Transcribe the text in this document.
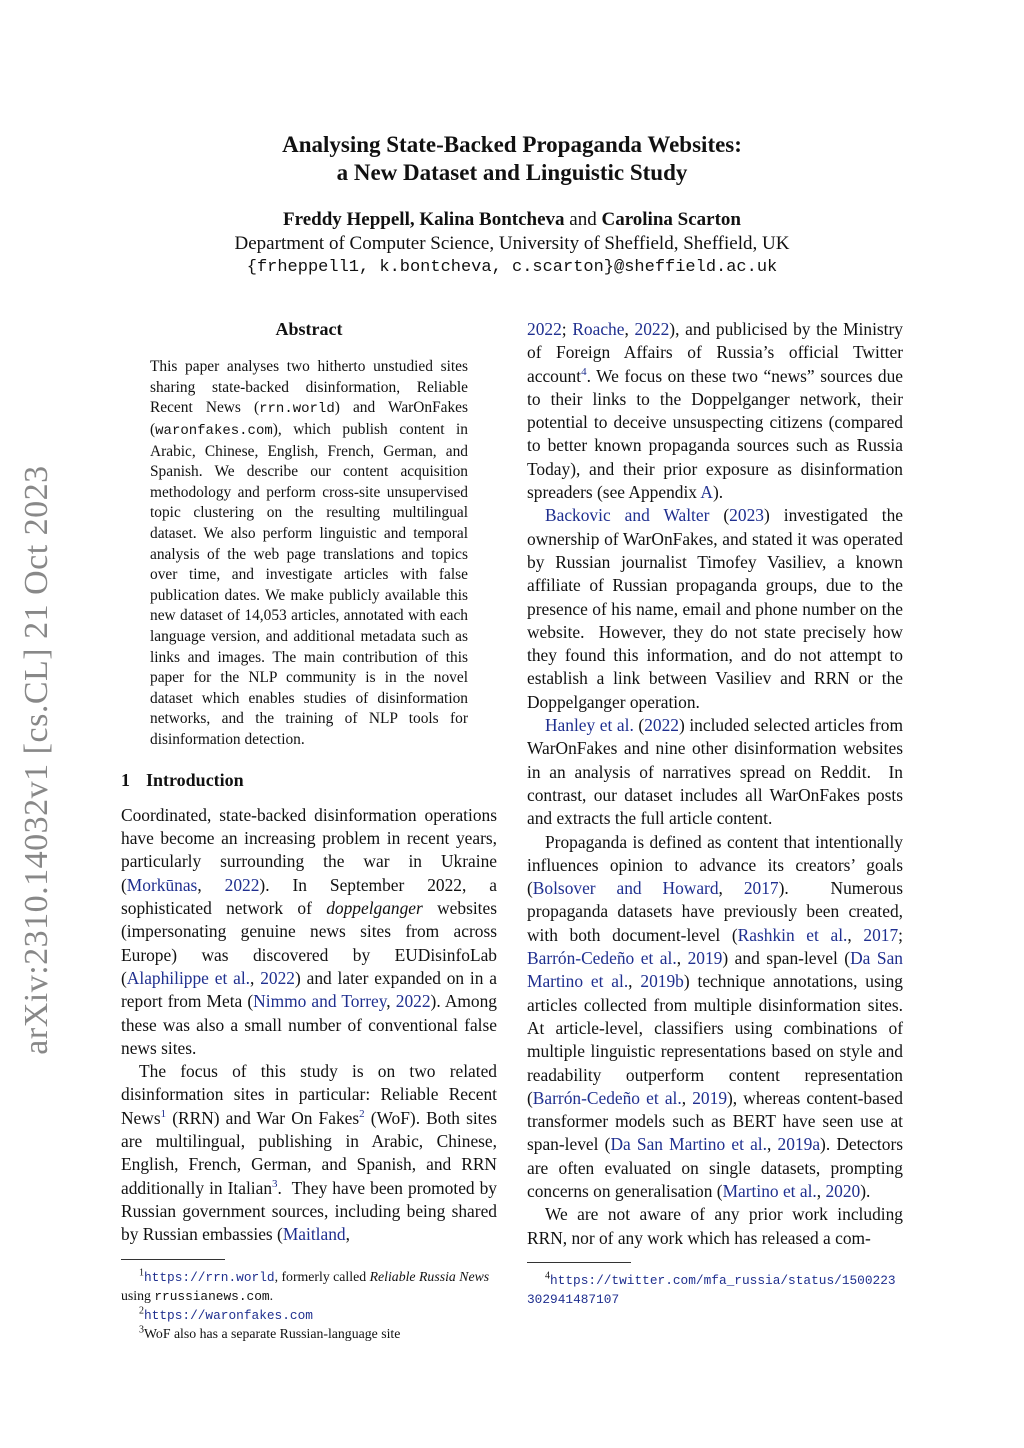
arXiv:2310.14032v1 [cs.CL] 21 Oct 2023
Analysing State-Backed Propaganda Websites:
a New Dataset and Linguistic Study
Freddy Heppell, Kalina Bontcheva and Carolina Scarton
Department of Computer Science, University of Sheffield, Sheffield, UK
{frheppell1, k.bontcheva, c.scarton}@sheffield.ac.uk
Abstract
This paper analyses two hitherto unstudied sites sharing state-backed disinformation, Reliable Recent News (rrn.world) and WarOnFakes (waronfakes.com), which publish content in Arabic, Chinese, English, French, German, and Spanish. We describe our content acquisition methodology and perform cross-site unsupervised topic clustering on the resulting multilingual dataset. We also perform linguistic and temporal analysis of the web page translations and topics over time, and investigate articles with false publication dates. We make publicly available this new dataset of 14,053 articles, annotated with each language version, and additional metadata such as links and images. The main contribution of this paper for the NLP community is in the novel dataset which enables studies of disinformation networks, and the training of NLP tools for disinformation detection.
1 Introduction

Coordinated, state-backed disinformation operations have become an increasing problem in recent years, particularly surrounding the war in Ukraine (Morkūnas, 2022). In September 2022, a sophisticated network of doppelganger websites (impersonating genuine news sites from across Europe) was discovered by EUDisinfoLab (Alaphilippe et al., 2022) and later expanded on in a report from Meta (Nimmo and Torrey, 2022). Among these was also a small number of conventional false news sites.

The focus of this study is on two related disinformation sites in particular: Reliable Recent News$^1$ (RRN) and War On Fakes$^2$ (WoF). Both sites are multilingual, publishing in Arabic, Chinese, English, French, German, and Spanish, and RRN additionally in Italian$^3$.  They have been promoted by Russian government sources, including being shared by Russian embassies (Maitland,

$^1$https://rrn.world, formerly called Reliable Russia News using rrussianews.com.
$^2$https://waronfakes.com
$^3$WoF also has a separate Russian-language site

2022; Roache, 2022), and publicised by the Ministry of Foreign Affairs of Russia’s official Twitter account$^4$. We focus on these two “news” sources due to their links to the Doppelganger network, their potential to deceive unsuspecting citizens (compared to better known propaganda sources such as Russia Today), and their prior exposure as disinformation spreaders (see Appendix A).

Backovic and Walter (2023) investigated the ownership of WarOnFakes, and stated it was operated by Russian journalist Timofey Vasiliev, a known affiliate of Russian propaganda groups, due to the presence of his name, email and phone number on the website.  However, they do not state precisely how they found this information, and do not attempt to establish a link between Vasiliev and RRN or the Doppelganger operation.

Hanley et al. (2022) included selected articles from WarOnFakes and nine other disinformation websites in an analysis of narratives spread on Reddit.  In contrast, our dataset includes all WarOnFakes posts and extracts the full article content.

Propaganda is defined as content that intentionally influences opinion to advance its creators’ goals (Bolsover and Howard, 2017).  Numerous propaganda datasets have previously been created, with both document-level (Rashkin et al., 2017; Barrón-Cedeño et al., 2019) and span-level (Da San Martino et al., 2019b) technique annotations, using articles collected from multiple disinformation sites.  At article-level, classifiers using combinations of multiple linguistic representations based on style and readability outperform content representation (Barrón-Cedeño et al., 2019), whereas content-based transformer models such as BERT have seen use at span-level (Da San Martino et al., 2019a). Detectors are often evaluated on single datasets, prompting concerns on generalisation (Martino et al., 2020).

We are not aware of any prior work including RRN, nor of any work which has released a com-

$^4$https://twitter.com/mfa_russia/status/1500223302941487107
